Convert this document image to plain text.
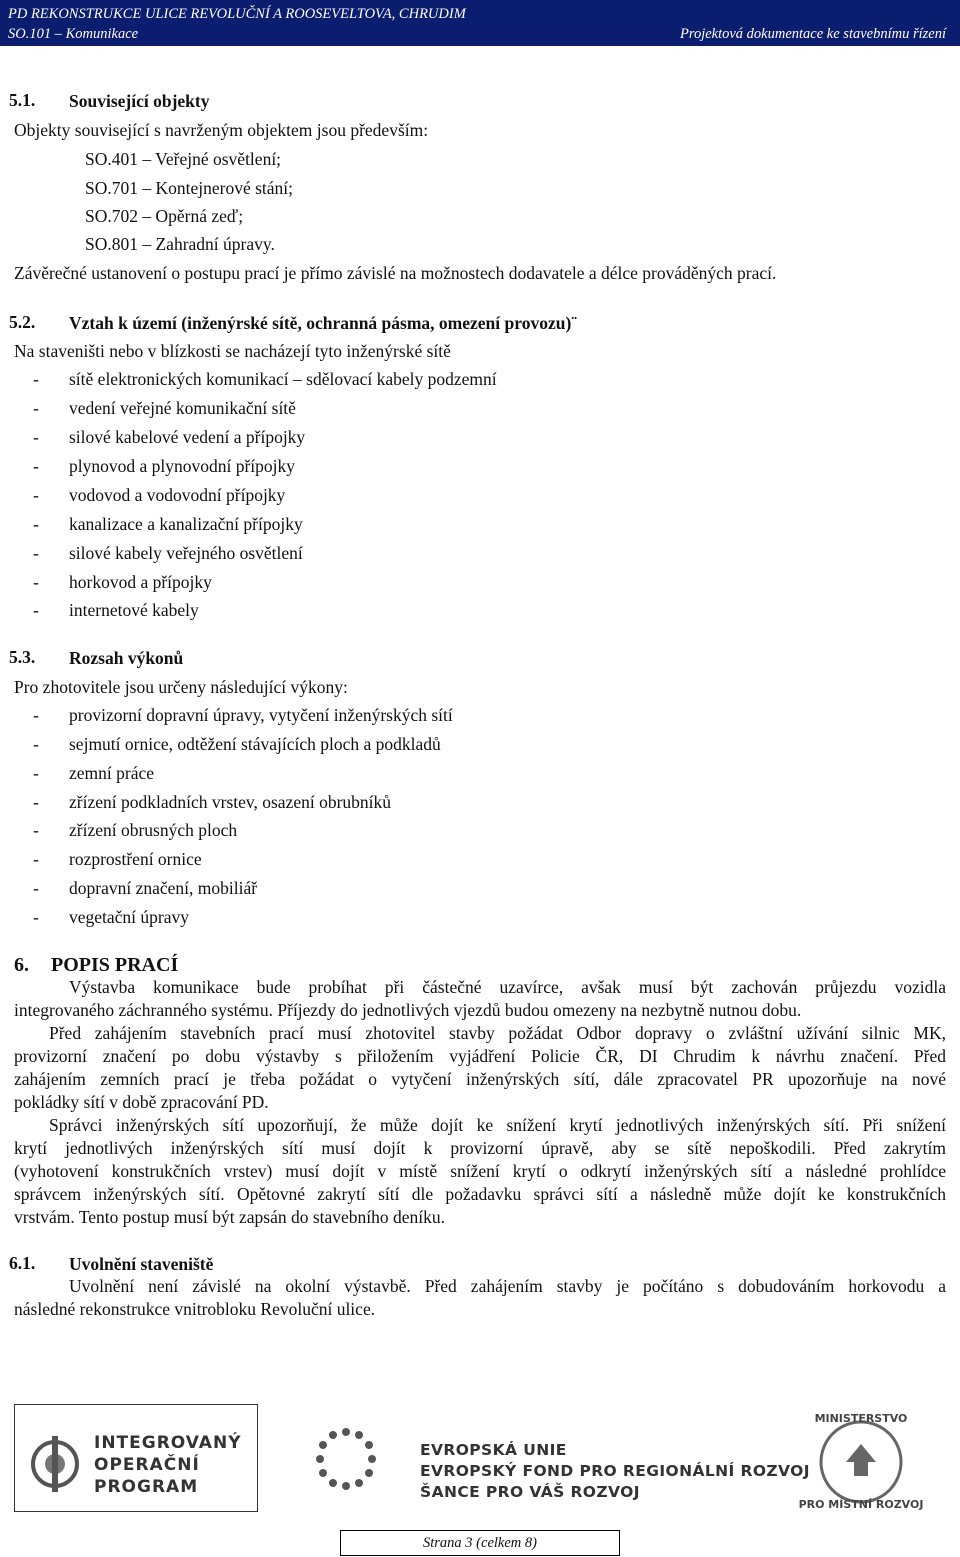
PD REKONSTRUKCE ULICE REVOLUČNÍ A ROOSEVELTOVA, CHRUDIM
SO.101 – Komunikace	Projektová dokumentace ke stavebnímu řízení
5.1. Související objekty
Objekty související s navrženým objektem jsou především:
SO.401 – Veřejné osvětlení;
SO.701 – Kontejnerové stání;
SO.702 – Opěrná zeď;
SO.801 – Zahradní úpravy.
Závěrečné ustanovení o postupu prací je přímo závislé na možnostech dodavatele a délce prováděných prací.
5.2. Vztah k území (inženýrské sítě, ochranná pásma, omezení provozu)¨
Na staveništi nebo v blízkosti se nacházejí tyto inženýrské sítě
- sítě elektronických komunikací – sdělovací kabely podzemní
- vedení veřejné komunikační sítě
- silové kabelové vedení a přípojky
- plynovod a plynovodní přípojky
- vodovod a vodovodní přípojky
- kanalizace a kanalizační přípojky
- silové kabely veřejného osvětlení
- horkovod a přípojky
- internetové kabely
5.3. Rozsah výkonů
Pro zhotovitele jsou určeny následující výkony:
- provizorní dopravní úpravy, vytyčení inženýrských sítí
- sejmutí ornice, odtěžení stávajících ploch a podkladů
- zemní práce
- zřízení podkladních vrstev, osazení obrubníků
- zřízení obrusných ploch
- rozprostření ornice
- dopravní značení, mobiliář
- vegetační úpravy
6. POPIS PRACÍ
Výstavba komunikace bude probíhat při částečné uzavírce, avšak musí být zachován průjezdu vozidla
integrovaného záchranného systému. Příjezdy do jednotlivých vjezdů budou omezeny na nezbytně nutnou dobu.
Před zahájením stavebních prací musí zhotovitel stavby požádat Odbor dopravy o zvláštní užívání silnic MK,
provizorní značení po dobu výstavby s přiložením vyjádření Policie ČR, DI Chrudim k návrhu značení. Před
zahájením zemních prací je třeba požádat o vytyčení inženýrských sítí, dále zpracovatel PR upozorňuje na nové
pokládky sítí v době zpracování PD.
Správci inženýrských sítí upozorňují, že může dojít ke snížení krytí jednotlivých inženýrských sítí. Při snížení
krytí jednotlivých inženýrských sítí musí dojít k provizorní úpravě, aby se sítě nepoškodili. Před zakrytím
(vyhotovení konstrukčních vrstev) musí dojít v místě snížení krytí o odkrytí inženýrských sítí a následné prohlídce
správcem inženýrských sítí. Opětovné zakrytí sítí dle požadavku správci sítí a následně může dojít ke konstrukčních
vrstvám. Tento postup musí být zapsán do stavebního deníku.
6.1. Uvolnění staveniště
Uvolnění není závislé na okolní výstavbě. Před zahájením stavby je počítáno s dobudováním horkovodu a
následné rekonstrukce vnitrobloku Revoluční ulice.
INTEGROVANÝ
OPERAČNÍ
PROGRAM
EVROPSKÁ UNIE
EVROPSKÝ FOND PRO REGIONÁLNÍ ROZVOJ
ŠANCE PRO VÁŠ ROZVOJ
MINISTERSTVO
PRO MÍSTNÍ ROZVOJ
Strana 3 (celkem 8)
